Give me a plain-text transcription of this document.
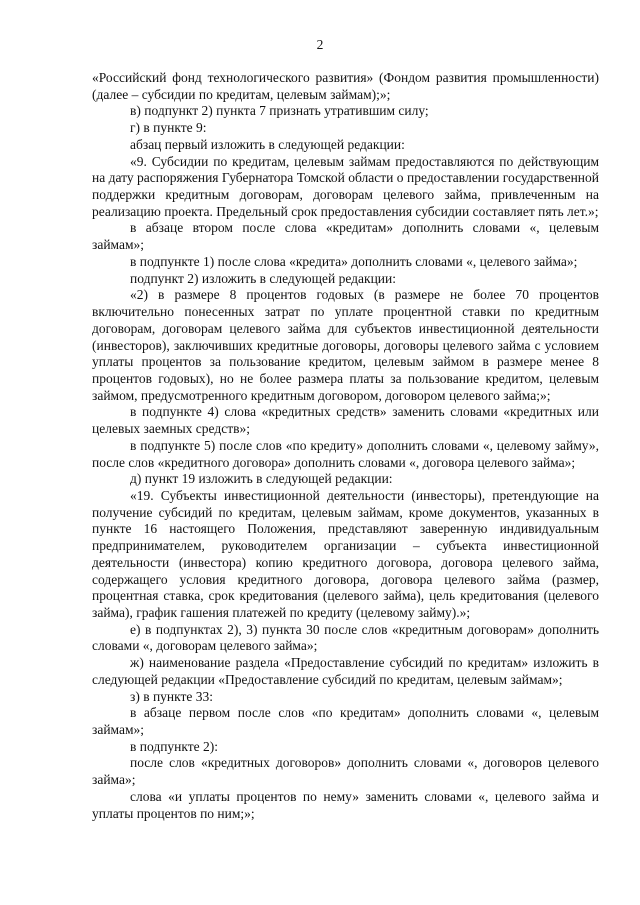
2

«Российский фонд технологического развития» (Фондом развития промышленности) (далее – субсидии по кредитам, целевым займам);»;

в) подпункт 2) пункта 7 признать утратившим силу;

г) в пункте 9:

абзац первый изложить в следующей редакции:

«9. Субсидии по кредитам, целевым займам предоставляются по действующим на дату распоряжения Губернатора Томской области о предоставлении государственной поддержки кредитным договорам, договорам целевого займа, привлеченным на реализацию проекта. Предельный срок предоставления субсидии составляет пять лет.»;

в абзаце втором после слова «кредитам» дополнить словами «, целевым займам»;

в подпункте 1) после слова «кредита» дополнить словами «, целевого займа»;

подпункт 2) изложить в следующей редакции:

«2) в размере 8 процентов годовых (в размере не более 70 процентов включительно понесенных затрат по уплате процентной ставки по кредитным договорам, договорам целевого займа для субъектов инвестиционной деятельности (инвесторов), заключивших кредитные договоры, договоры целевого займа с условием уплаты процентов за пользование кредитом, целевым займом в размере менее 8 процентов годовых), но не более размера платы за пользование кредитом, целевым займом, предусмотренного кредитным договором, договором целевого займа;»;

в подпункте 4) слова «кредитных средств» заменить словами «кредитных или целевых заемных средств»;

в подпункте 5) после слов «по кредиту» дополнить словами «, целевому займу», после слов «кредитного договора» дополнить словами «, договора целевого займа»;

д) пункт 19 изложить в следующей редакции:

«19. Субъекты инвестиционной деятельности (инвесторы), претендующие на получение субсидий по кредитам, целевым займам, кроме документов, указанных в пункте 16 настоящего Положения, представляют заверенную индивидуальным предпринимателем, руководителем организации – субъекта инвестиционной деятельности (инвестора) копию кредитного договора, договора целевого займа, содержащего условия кредитного договора, договора целевого займа (размер, процентная ставка, срок кредитования (целевого займа), цель кредитования (целевого займа), график гашения платежей по кредиту (целевому займу).»;

е) в подпунктах 2), 3) пункта 30 после слов «кредитным договорам» дополнить словами «, договорам целевого займа»;

ж) наименование раздела «Предоставление субсидий по кредитам» изложить в следующей редакции «Предоставление субсидий по кредитам, целевым займам»;

з) в пункте 33:

в абзаце первом после слов «по кредитам» дополнить словами «, целевым займам»;

в подпункте 2):

после слов «кредитных договоров» дополнить словами «, договоров целевого займа»;

слова «и уплаты процентов по нему» заменить словами «, целевого займа и уплаты процентов по ним;»;
